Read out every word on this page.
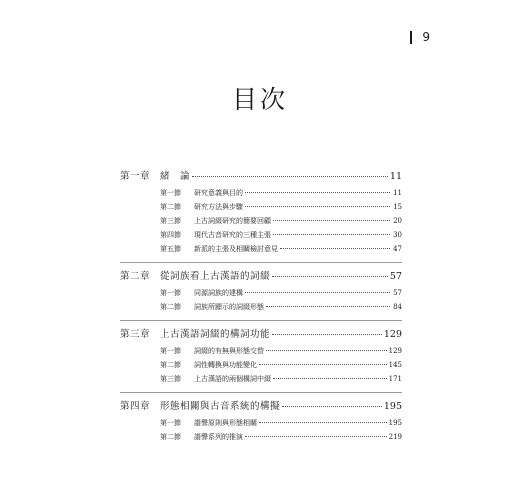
9
目次
第一章	緒　論	11
第一節	研究意義與目的	11
第二節	研究方法與步驟	15
第三節	上古詞綴研究的簡要回顧	20
第四節	現代古音研究的三種主張	30
第五節	新派的主張及相關檢討意見	47
第二章	從詞族看上古漢語的詞綴	57
第一節	同源詞族的建構	57
第二節	詞族所顯示的詞綴形態	84
第三章	上古漢語詞綴的構詞功能	129
第一節	詞綴的有無與形態交替	129
第二節	詞性轉換與功能變化	145
第三節	上古漢語的兩個構詞中綴	171
第四章	形態相關與古音系統的構擬	195
第一節	諧聲原則與形態相關	195
第二節	諧聲系列的推演	219
